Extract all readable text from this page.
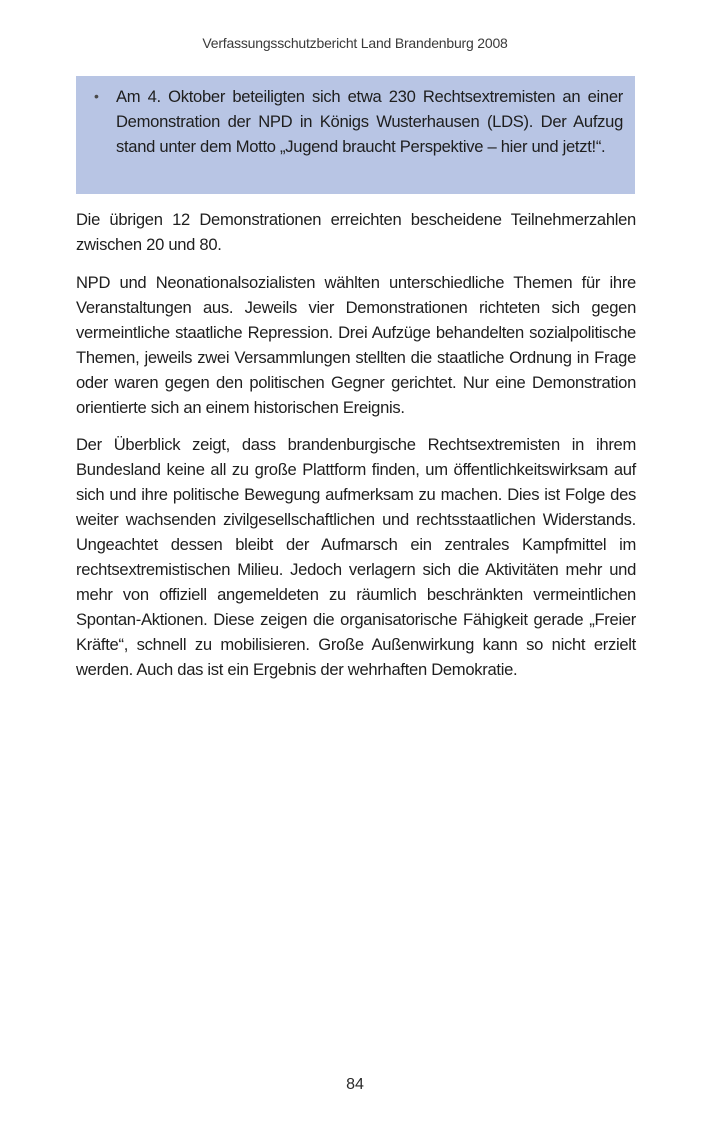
Verfassungsschutzbericht Land Brandenburg 2008
•	Am 4. Oktober beteiligten sich etwa 230 Rechtsextremisten an einer Demonstration der NPD in Königs Wusterhausen (LDS). Der Aufzug stand unter dem Motto „Jugend braucht Perspektive – hier und jetzt!“.

Die übrigen 12 Demonstrationen erreichten bescheidene Teilnehmerzahlen zwischen 20 und 80.

NPD und Neonationalsozialisten wählten unterschiedliche Themen für ihre Veranstaltungen aus. Jeweils vier Demonstrationen richteten sich gegen vermeintliche staatliche Repression. Drei Aufzüge behandelten sozialpolitische Themen, jeweils zwei Versammlungen stellten die staatliche Ordnung in Frage oder waren gegen den politischen Gegner gerichtet. Nur eine Demonstration orientierte sich an einem historischen Ereignis.

Der Überblick zeigt, dass brandenburgische Rechtsextremisten in ihrem Bundesland keine all zu große Plattform finden, um öffentlichkeitswirksam auf sich und ihre politische Bewegung aufmerksam zu machen. Dies ist Folge des weiter wachsenden zivilgesellschaftlichen und rechtsstaatlichen Widerstands. Ungeachtet dessen bleibt der Aufmarsch ein zentrales Kampfmittel im rechtsextremistischen Milieu. Jedoch verlagern sich die Aktivitäten mehr und mehr von offiziell angemeldeten zu räumlich beschränkten vermeintlichen Spontan-Aktionen. Diese zeigen die organisatorische Fähigkeit gerade „Freier Kräfte“, schnell zu mobilisieren. Große Außenwirkung kann so nicht erzielt werden. Auch das ist ein Ergebnis der wehrhaften Demokratie.

84
